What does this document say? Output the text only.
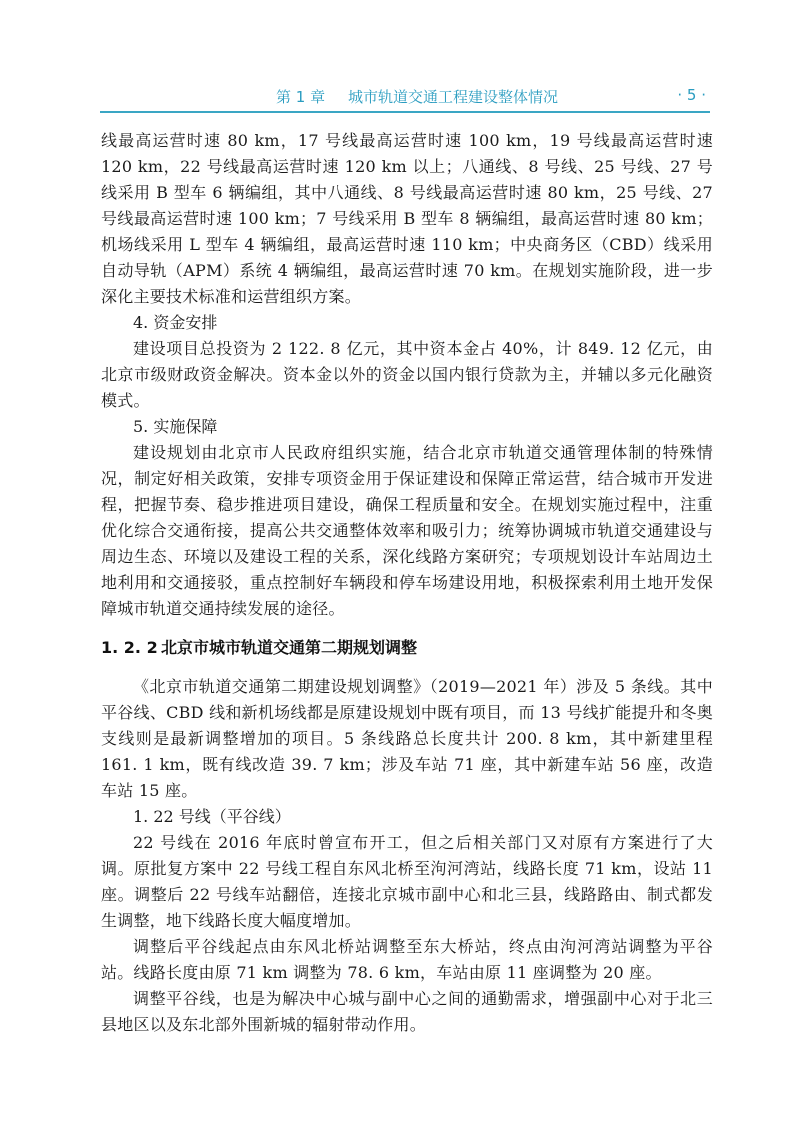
第 1 章 城市轨道交通工程建设整体情况	· 5 ·

线最高运营时速 80 km，17 号线最高运营时速 100 km，19 号线最高运营时速 120 km，22 号线最高运营时速 120 km 以上；八通线、8 号线、25 号线、27 号线采用 B 型车 6 辆编组，其中八通线、8 号线最高运营时速 80 km，25 号线、27 号线最高运营时速 100 km；7 号线采用 B 型车 8 辆编组，最高运营时速 80 km；机场线采用 L 型车 4 辆编组，最高运营时速 110 km；中央商务区（CBD）线采用自动导轨（APM）系统 4 辆编组，最高运营时速 70 km。在规划实施阶段，进一步深化主要技术标准和运营组织方案。

4. 资金安排

建设项目总投资为 2 122. 8 亿元，其中资本金占 40%，计 849. 12 亿元，由北京市级财政资金解决。资本金以外的资金以国内银行贷款为主，并辅以多元化融资模式。

5. 实施保障

建设规划由北京市人民政府组织实施，结合北京市轨道交通管理体制的特殊情况，制定好相关政策，安排专项资金用于保证建设和保障正常运营，结合城市开发进程，把握节奏、稳步推进项目建设，确保工程质量和安全。在规划实施过程中，注重优化综合交通衔接，提高公共交通整体效率和吸引力；统筹协调城市轨道交通建设与周边生态、环境以及建设工程的关系，深化线路方案研究；专项规划设计车站周边土地利用和交通接驳，重点控制好车辆段和停车场建设用地，积极探索利用土地开发保障城市轨道交通持续发展的途径。

1. 2. 2 北京市城市轨道交通第二期规划调整

《北京市轨道交通第二期建设规划调整》（2019—2021 年）涉及 5 条线。其中平谷线、CBD 线和新机场线都是原建设规划中既有项目，而 13 号线扩能提升和冬奥支线则是最新调整增加的项目。5 条线路总长度共计 200. 8 km，其中新建里程 161. 1 km，既有线改造 39. 7 km；涉及车站 71 座，其中新建车站 56 座，改造车站 15 座。

1. 22 号线（平谷线）

22 号线在 2016 年底时曾宣布开工，但之后相关部门又对原有方案进行了大调。原批复方案中 22 号线工程自东风北桥至泃河湾站，线路长度 71 km，设站 11 座。调整后 22 号线车站翻倍，连接北京城市副中心和北三县，线路路由、制式都发生调整，地下线路长度大幅度增加。

调整后平谷线起点由东风北桥站调整至东大桥站，终点由泃河湾站调整为平谷站。线路长度由原 71 km 调整为 78. 6 km，车站由原 11 座调整为 20 座。

调整平谷线，也是为解决中心城与副中心之间的通勤需求，增强副中心对于北三县地区以及东北部外围新城的辐射带动作用。
